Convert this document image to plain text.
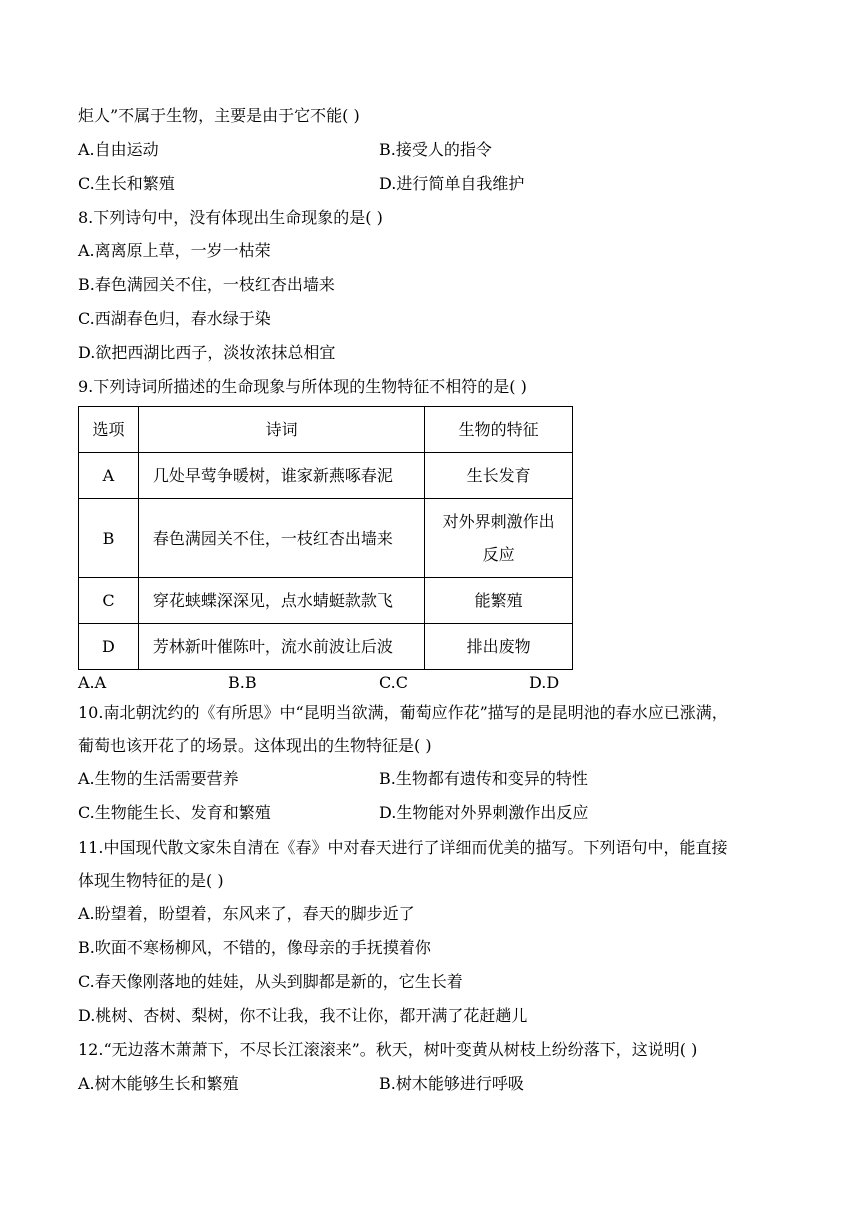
炬人”不属于生物，主要是由于它不能( )
A.自由运动	B.接受人的指令
C.生长和繁殖	D.进行简单自我维护
8.下列诗句中，没有体现出生命现象的是( )
A.离离原上草，一岁一枯荣
B.春色满园关不住，一枝红杏出墙来
C.西湖春色归，春水绿于染
D.欲把西湖比西子，淡妆浓抹总相宜
9.下列诗词所描述的生命现象与所体现的生物特征不相符的是( )
选项	诗词	生物的特征
A	几处早莺争暖树，谁家新燕啄春泥	生长发育
B	春色满园关不住，一枝红杏出墙来	对外界刺激作出
反应

C	穿花蛱蝶深深见，点水蜻蜓款款飞	能繁殖
D	芳林新叶催陈叶，流水前波让后波	排出废物
A.A	B.B	C.C	D.D
10.南北朝沈约的《有所思》中“昆明当欲满，葡萄应作花”描写的是昆明池的春水应已涨满，
葡萄也该开花了的场景。这体现出的生物特征是( )
A.生物的生活需要营养	B.生物都有遗传和变异的特性
C.生物能生长、发育和繁殖	D.生物能对外界刺激作出反应
11.中国现代散文家朱自清在《春》中对春天进行了详细而优美的描写。下列语句中，能直接
体现生物特征的是( )
A.盼望着，盼望着，东风来了，春天的脚步近了
B.吹面不寒杨柳风，不错的，像母亲的手抚摸着你
C.春天像刚落地的娃娃，从头到脚都是新的，它生长着
D.桃树、杏树、梨树，你不让我，我不让你，都开满了花赶趟儿
12.“无边落木萧萧下，不尽长江滚滚来”。秋天，树叶变黄从树枝上纷纷落下，这说明( )
A.树木能够生长和繁殖	B.树木能够进行呼吸
